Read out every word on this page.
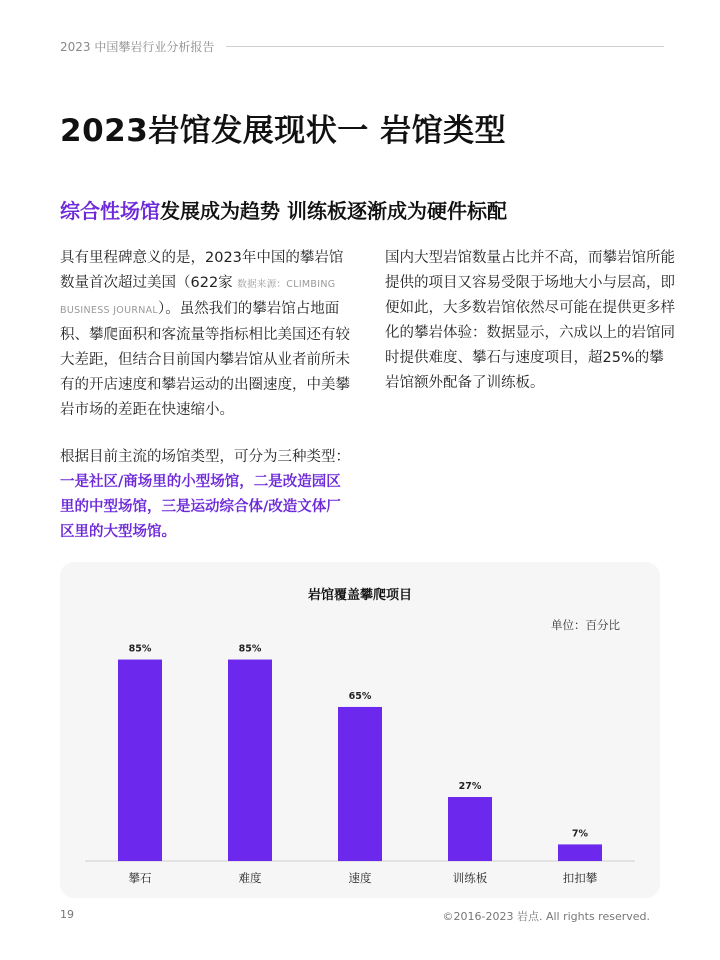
2023 中国攀岩行业分析报告
2023岩馆发展现状一 岩馆类型
综合性场馆发展成为趋势 训练板逐渐成为硬件标配
具有里程碑意义的是，2023年中国的攀岩馆数量首次超过美国（622家 数据来源：CLIMBING BUSINESS JOURNAL）。虽然我们的攀岩馆占地面积、攀爬面积和客流量等指标相比美国还有较大差距，但结合目前国内攀岩馆从业者前所未有的开店速度和攀岩运动的出圈速度，中美攀岩市场的差距在快速缩小。
根据目前主流的场馆类型，可分为三种类型：一是社区/商场里的小型场馆，二是改造园区里的中型场馆，三是运动综合体/改造文体厂区里的大型场馆。
国内大型岩馆数量占比并不高，而攀岩馆所能提供的项目又容易受限于场地大小与层高，即便如此，大多数岩馆依然尽可能在提供更多样化的攀岩体验：数据显示，六成以上的岩馆同时提供难度、攀石与速度项目，超25%的攀岩馆额外配备了训练板。
85%
攀石
85%
难度
65%
速度
27%
训练板
7%
扣扣攀
岩馆覆盖攀爬项目
单位：百分比
19	©2016-2023 岩点. All rights reserved.
